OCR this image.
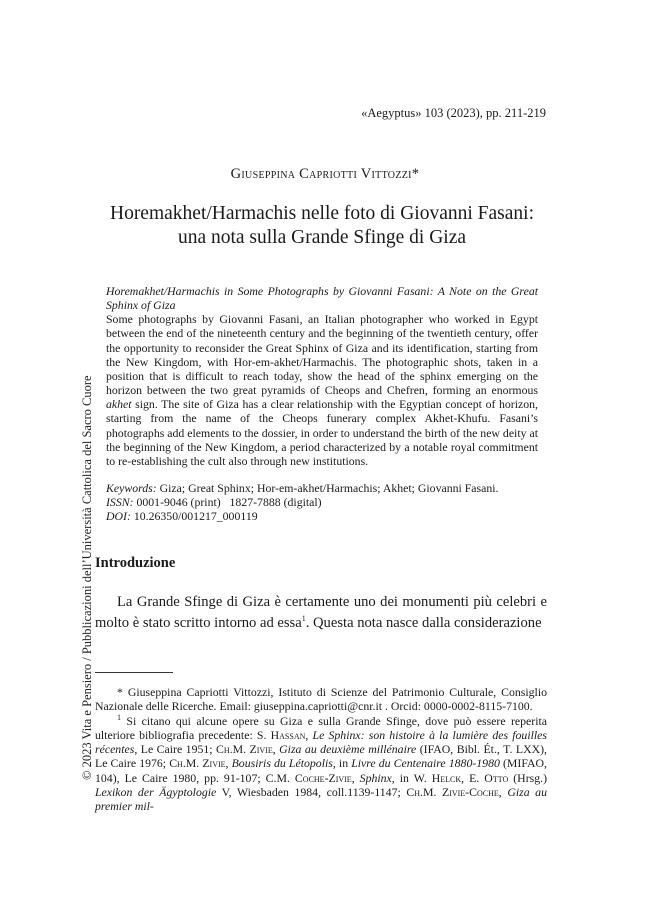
© 2023 Vita e Pensiero / Pubblicazioni dell’Università Cattolica del Sacro Cuore
«Aegyptus» 103 (2023), pp. 211-219
Giuseppina Capriotti Vittozzi*
Horemakhet/Harmachis nelle foto di Giovanni Fasani:
una nota sulla Grande Sfinge di Giza

Horemakhet/Harmachis in Some Photographs by Giovanni Fasani: A Note on the Great Sphinx of Giza

Some photographs by Giovanni Fasani, an Italian photographer who worked in Egypt between the end of the nineteenth century and the beginning of the twentieth century, offer the opportunity to reconsider the Great Sphinx of Giza and its identification, starting from the New Kingdom, with Hor-em-akhet/Harmachis. The photographic shots, taken in a position that is difficult to reach today, show the head of the sphinx emerging on the horizon between the two great pyramids of Cheops and Chefren, forming an enormous akhet sign. The site of Giza has a clear relationship with the Egyptian concept of horizon, starting from the name of the Cheops funerary complex Akhet-Khufu. Fasani’s photographs add elements to the dossier, in order to understand the birth of the new deity at the beginning of the New Kingdom, a period characterized by a notable royal commitment to re-establishing the cult also through new institutions.

Keywords: Giza; Great Sphinx; Hor-em-akhet/Harmachis; Akhet; Giovanni Fasani.
ISSN: 0001-9046 (print)   1827-7888 (digital)
DOI: 10.26350/001217_000119
Introduzione

La Grande Sfinge di Giza è certamente uno dei monumenti più celebri e molto è stato scritto intorno ad essa$^1$. Questa nota nasce dalla considerazione

* Giuseppina Capriotti Vittozzi, Istituto di Scienze del Patrimonio Culturale, Consiglio Nazionale delle Ricerche. Email: giuseppina.capriotti@cnr.it . Orcid: 0000-0002-8115-7100.

$^1$ Si citano qui alcune opere su Giza e sulla Grande Sfinge, dove può essere reperita ulteriore bibliografia precedente: S. Hassan, Le Sphinx: son histoire à la lumière des fouilles récentes, Le Caire 1951; Ch.M. Zivie, Giza au deuxième millénaire (IFAO, Bibl. Ét., T. LXX), Le Caire 1976; Ch.M. Zivie, Bousiris du Létopolis, in Livre du Centenaire 1880-1980 (MIFAO, 104), Le Caire 1980, pp. 91-107; C.M. Coche-Zivie, Sphinx, in W. Helck, E. Otto (Hrsg.) Lexikon der Ägyptologie V, Wiesbaden 1984, coll.1139-1147; Ch.M. Zivie-Coche, Giza au premier mil-
